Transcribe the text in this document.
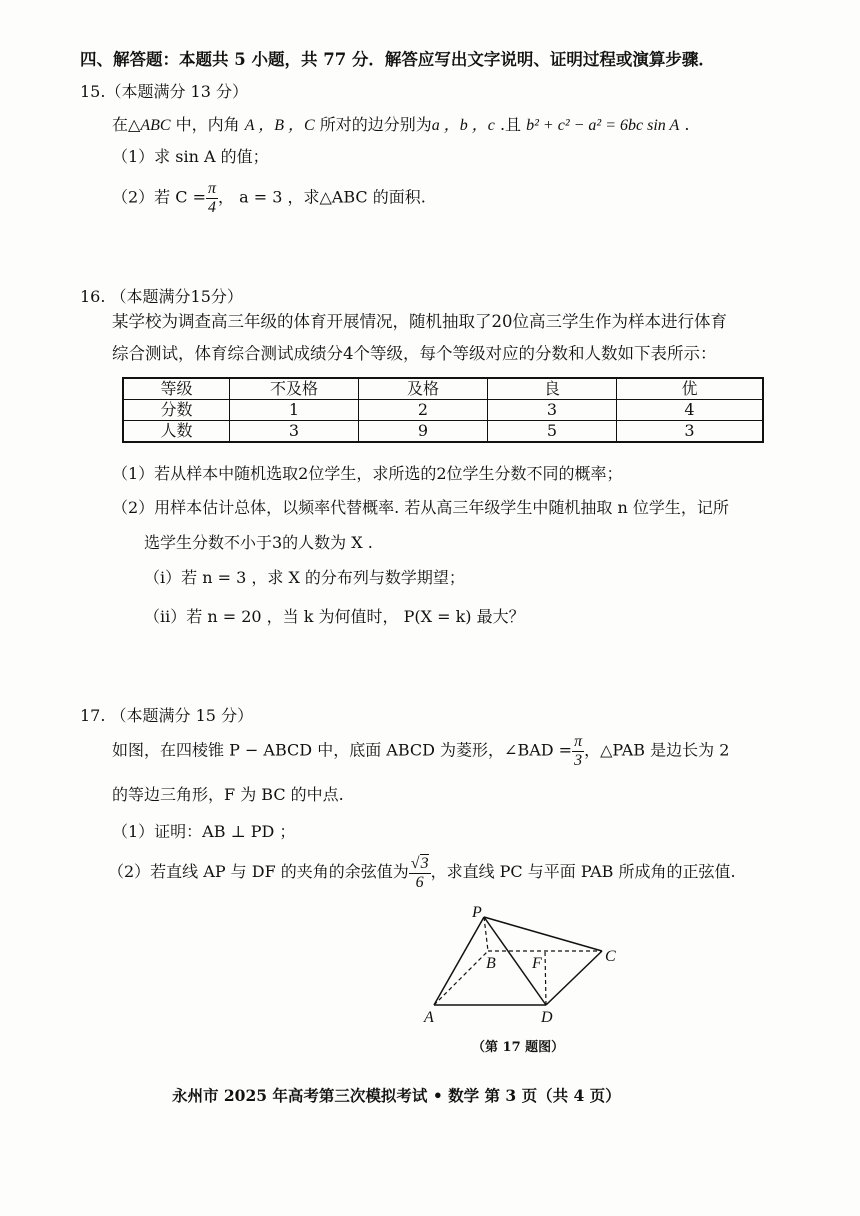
四、解答题：本题共 5 小题，共 77 分．解答应写出文字说明、证明过程或演算步骤．
15.（本题满分 13 分）
在△ABC 中，内角 A ，B ，C 所对的边分别为a ，b ，c .且 b² + c² − a² = 6bc sin A .
（1）求 sin A 的值；
（2）若 $C = \frac{\pi}{4}$ ， a = 3 ，求△ABC 的面积.
16. （本题满分15分）
某学校为调查高三年级的体育开展情况，随机抽取了20位高三学生作为样本进行体育
综合测试，体育综合测试成绩分4个等级，每个等级对应的分数和人数如下表所示：
等级	不及格	及格	良	优
分数	1	2	3	4
人数	3	9	5	3
（1）若从样本中随机选取2位学生，求所选的2位学生分数不同的概率；
（2）用样本估计总体，以频率代替概率. 若从高三年级学生中随机抽取 n 位学生，记所
选学生分数不小于3的人数为 X .
（i）若 n = 3 ，求 X 的分布列与数学期望；
（ii）若 n = 20 ，当 k 为何值时， P(X = k) 最大？
17. （本题满分 15 分）
如图，在四棱锥 P − ABCD 中，底面 ABCD 为菱形，∠BAD = $\frac{\pi}{3}$ ，△PAB 是边长为 2
的等边三角形，F 为 BC 的中点.
（1）证明：AB ⊥ PD ；
（2）若直线 AP 与 DF 的夹角的余弦值为 $\frac{√3}{6}$ ，求直线 PC 与平面 PAB 所成角的正弦值.
P
B F	C
A	D
（第 17 题图）
永州市 2025 年高考第三次模拟考试 • 数学 第 3 页（共 4 页）
